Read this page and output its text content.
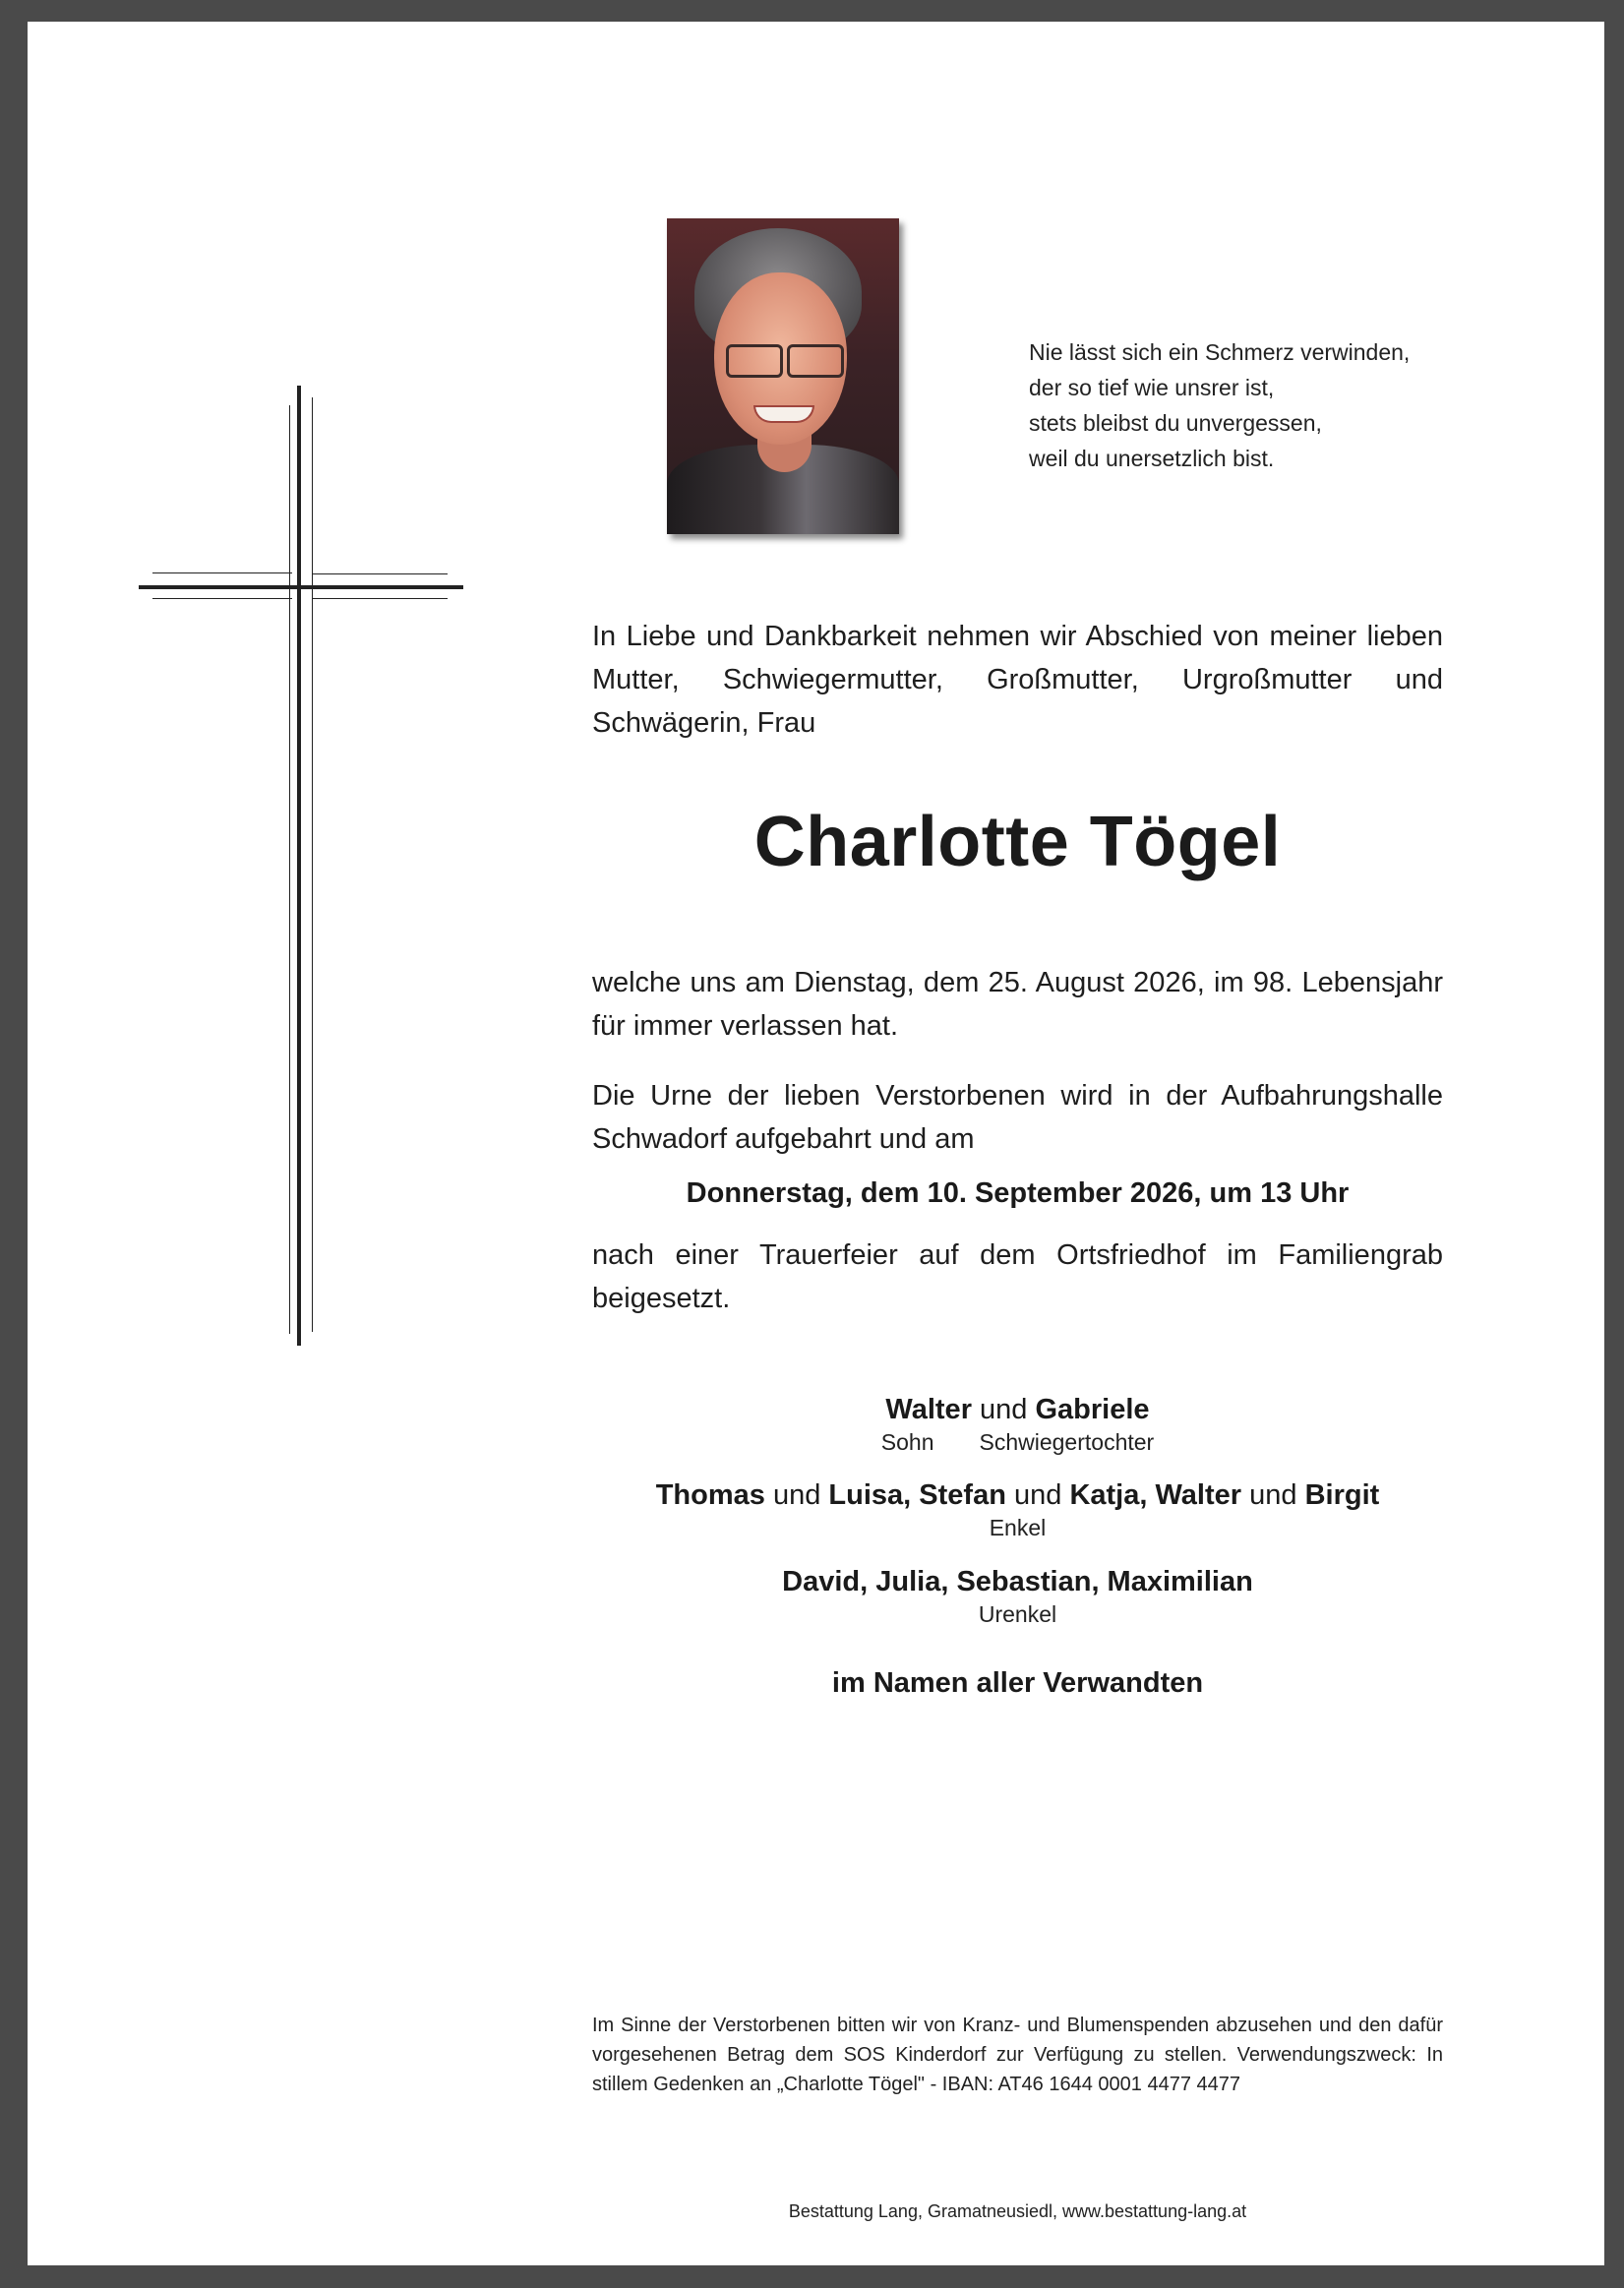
Nie lässt sich ein Schmerz verwinden,
der so tief wie unsrer ist,
stets bleibst du unvergessen,
weil du unersetzlich bist.
In Liebe und Dankbarkeit nehmen wir Abschied von meiner lieben Mutter, Schwiegermutter, Großmutter, Urgroßmutter und Schwägerin, Frau
Charlotte Tögel
welche uns am Dienstag, dem 25. August 2026, im 98. Lebensjahr für immer verlassen hat.
Die Urne der lieben Verstorbenen wird in der Aufbahrungshalle Schwadorf aufgebahrt und am
Donnerstag, dem 10. September 2026, um 13 Uhr
nach einer Trauerfeier auf dem Ortsfriedhof im Familiengrab beigesetzt.
Walter und Gabriele
Sohn Schwiegertochter
Thomas und Luisa, Stefan und Katja, Walter und Birgit
Enkel
David, Julia, Sebastian, Maximilian
Urenkel
im Namen aller Verwandten
Im Sinne der Verstorbenen bitten wir von Kranz- und Blumenspenden abzusehen und den dafür vorgesehenen Betrag dem SOS Kinderdorf zur Verfügung zu stellen. Verwendungszweck: In stillem Gedenken an „Charlotte Tögel" - IBAN: AT46 1644 0001 4477 4477
Bestattung Lang, Gramatneusiedl, www.bestattung-lang.at
